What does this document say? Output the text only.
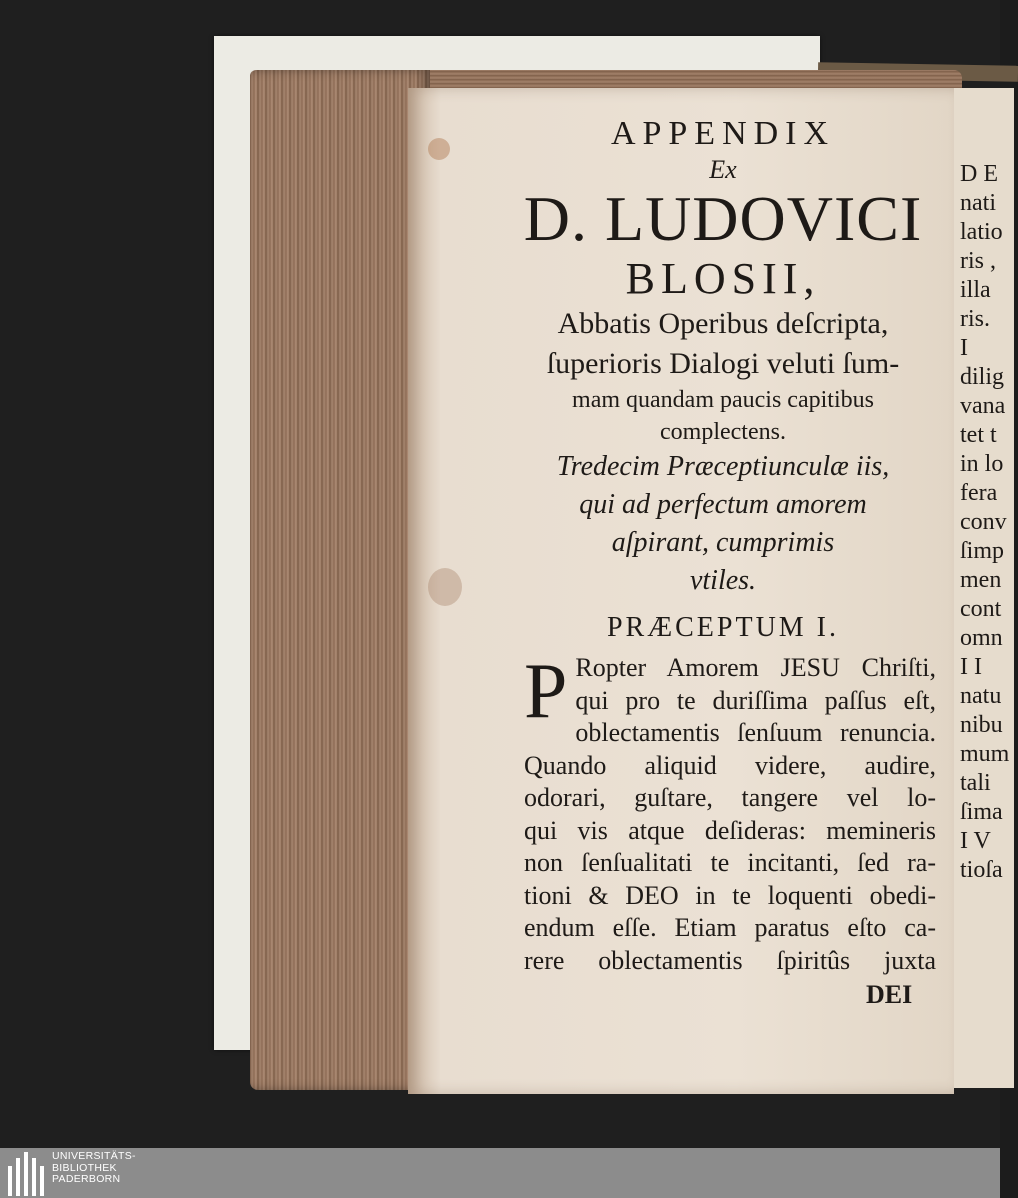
APPENDIX

Ex

D. LUDOVICI

BLOSII,

Abbatis Operibus deſcripta,

ſuperioris Dialogi veluti ſum-

mam quandam paucis capitibus

complectens.

Tredecim Præceptiunculæ iis,

qui ad perfectum amorem

aſpirant, cumprimis

vtiles.

PRÆCEPTUM I.

P Ropter Amorem JESU Chriſti,
qui pro te duriſſima paſſus eſt,
oblectamentis ſenſuum renuncia.
Quando aliquid videre, audire,
odorari, guſtare, tangere vel lo-
qui vis atque deſideras: memineris
non ſenſualitati te incitanti, ſed ra-
tioni & DEO in te loquenti obedi-
endum eſſe. Etiam paratus eſto ca-
rere oblectamentis ſpiritûs juxta
DEI
D E
nati
latio
ris ,
illa
ris.
I
dilig
vana
tet t
in lo
fera
conv
ſimp
men
cont
omn
I I
natu
nibu
mum
tali
ſima
I V
tioſa
UNIVERSITÄTS-
BIBLIOTHEK
PADERBORN
